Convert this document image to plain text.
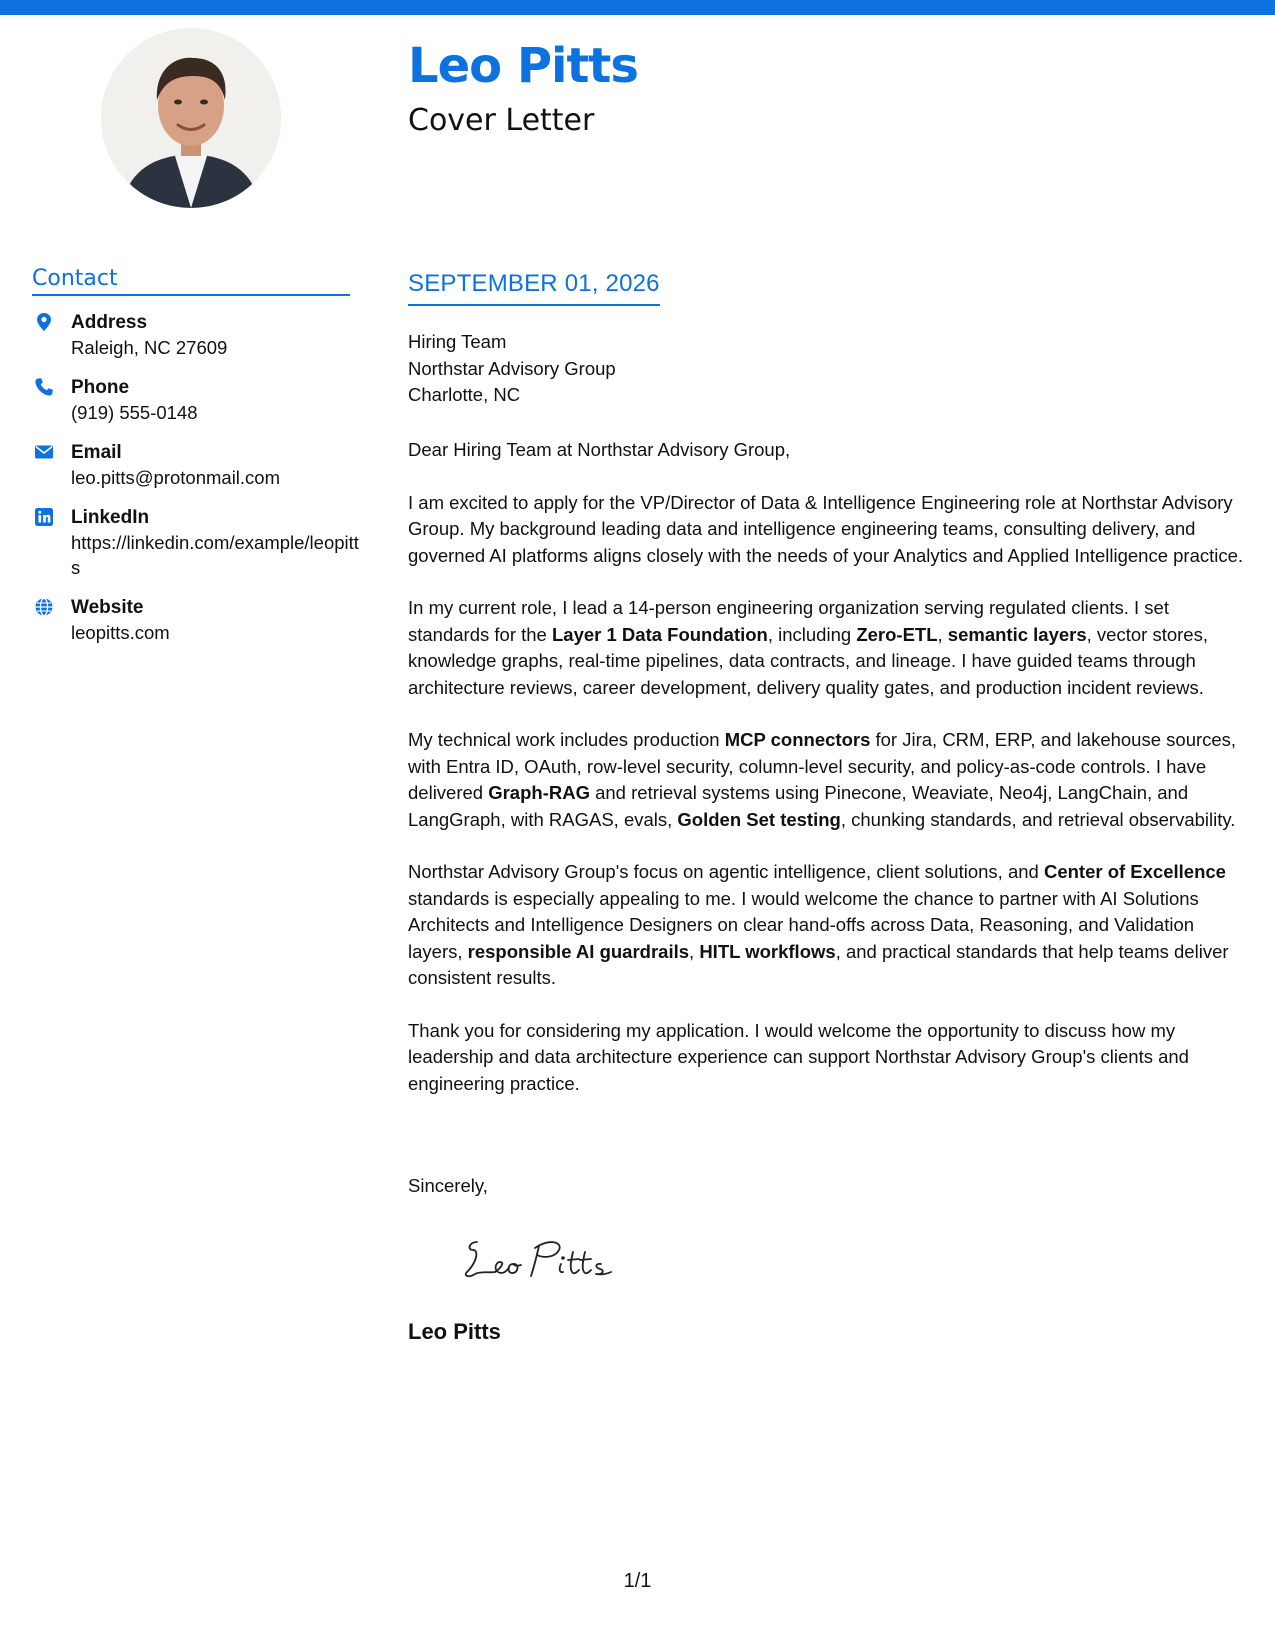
Leo Pitts
Cover Letter
Contact
Address
Raleigh, NC 27609
Phone
(919) 555-0148
Email
leo.pitts@protonmail.com
LinkedIn
https://linkedin.com/example/leopitts
Website
leopitts.com
SEPTEMBER 01, 2026
Hiring Team
Northstar Advisory Group
Charlotte, NC

Dear Hiring Team at Northstar Advisory Group,

I am excited to apply for the VP/Director of Data & Intelligence Engineering role at Northstar Advisory Group. My background leading data and intelligence engineering teams, consulting delivery, and governed AI platforms aligns closely with the needs of your Analytics and Applied Intelligence practice.

In my current role, I lead a 14-person engineering organization serving regulated clients. I set standards for the Layer 1 Data Foundation, including Zero-ETL, semantic layers, vector stores, knowledge graphs, real-time pipelines, data contracts, and lineage. I have guided teams through architecture reviews, career development, delivery quality gates, and production incident reviews.

My technical work includes production MCP connectors for Jira, CRM, ERP, and lakehouse sources, with Entra ID, OAuth, row-level security, column-level security, and policy-as-code controls. I have delivered Graph-RAG and retrieval systems using Pinecone, Weaviate, Neo4j, LangChain, and LangGraph, with RAGAS, evals, Golden Set testing, chunking standards, and retrieval observability.

Northstar Advisory Group's focus on agentic intelligence, client solutions, and Center of Excellence standards is especially appealing to me. I would welcome the chance to partner with AI Solutions Architects and Intelligence Designers on clear hand-offs across Data, Reasoning, and Validation layers, responsible AI guardrails, HITL workflows, and practical standards that help teams deliver consistent results.

Thank you for considering my application. I would welcome the opportunity to discuss how my leadership and data architecture experience can support Northstar Advisory Group's clients and engineering practice.

Sincerely,
Leo Pitts
1/1
